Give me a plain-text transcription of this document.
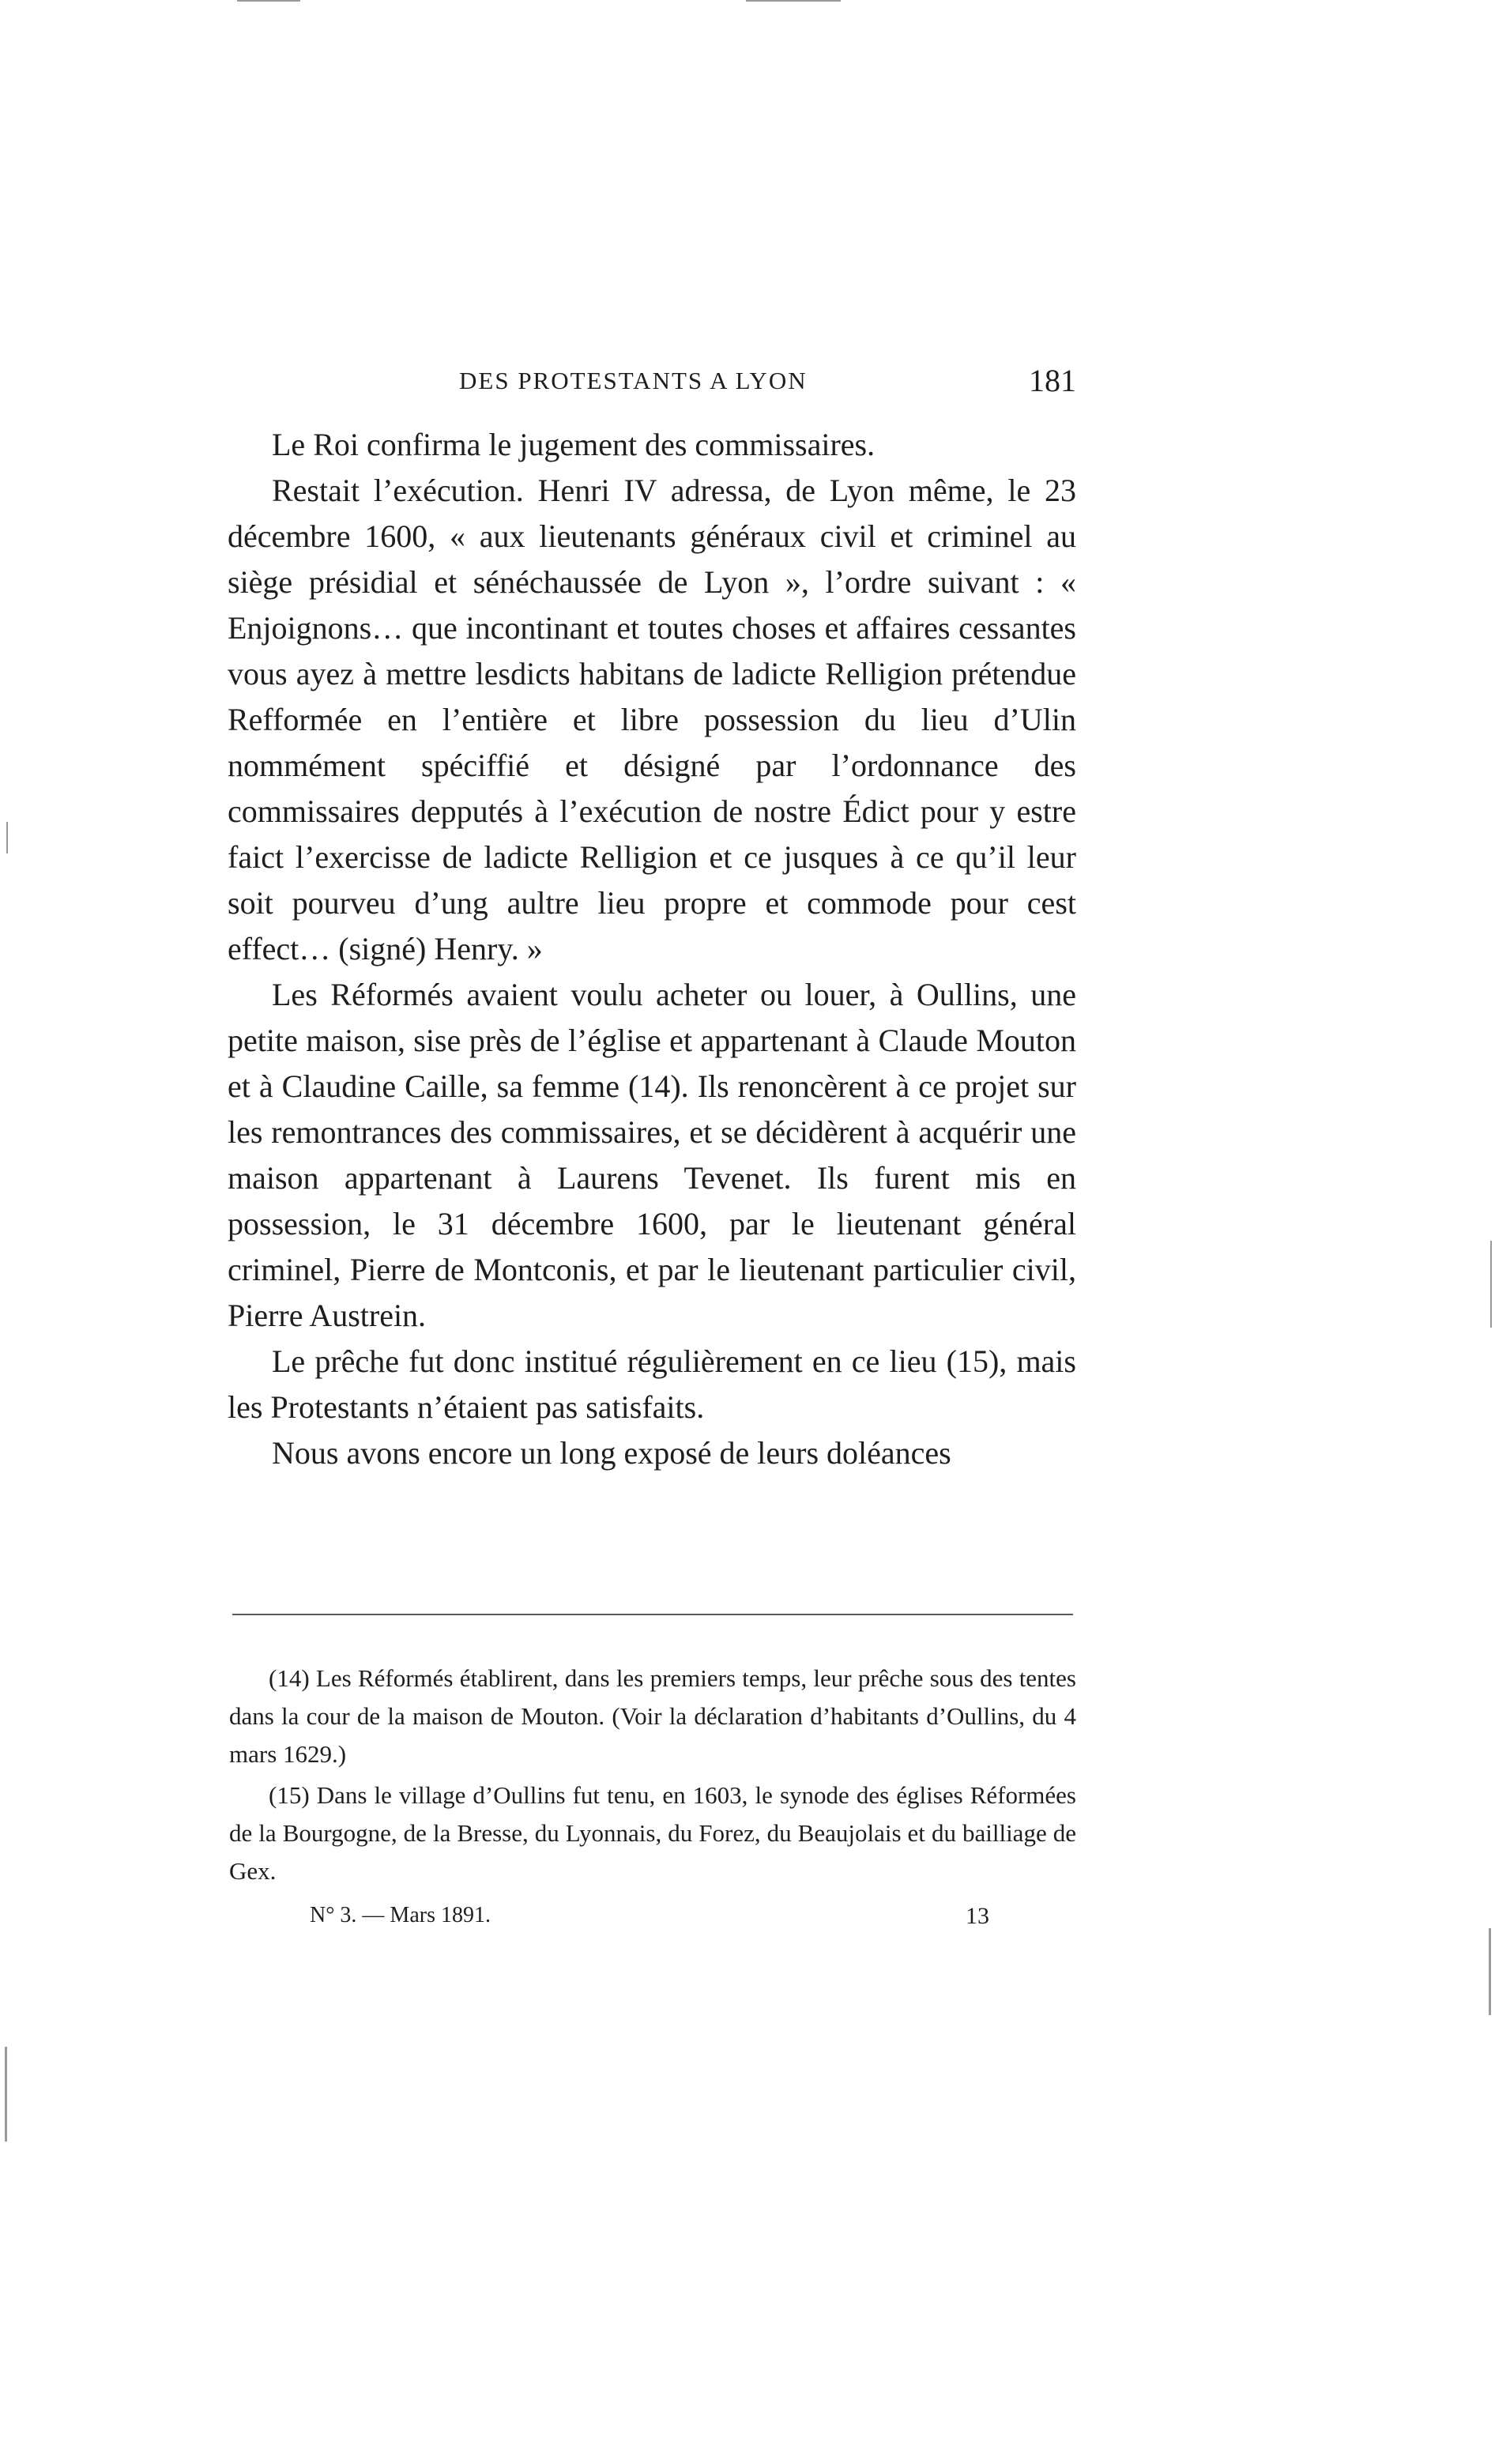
DES PROTESTANTS A LYON	181

Le Roi confirma le jugement des commissaires.

Restait l’exécution. Henri IV adressa, de Lyon même, le 23 décembre 1600, « aux lieutenants généraux civil et criminel au siège présidial et sénéchaussée de Lyon », l’ordre suivant : « Enjoignons… que incontinant et toutes choses et affaires cessantes vous ayez à mettre lesdicts habitans de ladicte Relligion prétendue Refformée en l’entière et libre possession du lieu d’Ulin nommément spéciffié et désigné par l’ordonnance des commissaires depputés à l’exécution de nostre Édict pour y estre faict l’exercisse de ladicte Relligion et ce jusques à ce qu’il leur soit pourveu d’ung aultre lieu propre et commode pour cest effect… (signé) Henry. »

Les Réformés avaient voulu acheter ou louer, à Oullins, une petite maison, sise près de l’église et appartenant à Claude Mouton et à Claudine Caille, sa femme (14). Ils renoncèrent à ce projet sur les remontrances des commissaires, et se décidèrent à acquérir une maison appartenant à Laurens Tevenet. Ils furent mis en possession, le 31 décembre 1600, par le lieutenant général criminel, Pierre de Montconis, et par le lieutenant particulier civil, Pierre Austrein.

Le prêche fut donc institué régulièrement en ce lieu (15), mais les Protestants n’étaient pas satisfaits.

Nous avons encore un long exposé de leurs doléances

(14) Les Réformés établirent, dans les premiers temps, leur prêche sous des tentes dans la cour de la maison de Mouton. (Voir la déclaration d’habitants d’Oullins, du 4 mars 1629.)

(15) Dans le village d’Oullins fut tenu, en 1603, le synode des églises Réformées de la Bourgogne, de la Bresse, du Lyonnais, du Forez, du Beaujolais et du bailliage de Gex.

N° 3. — Mars 1891.	13
